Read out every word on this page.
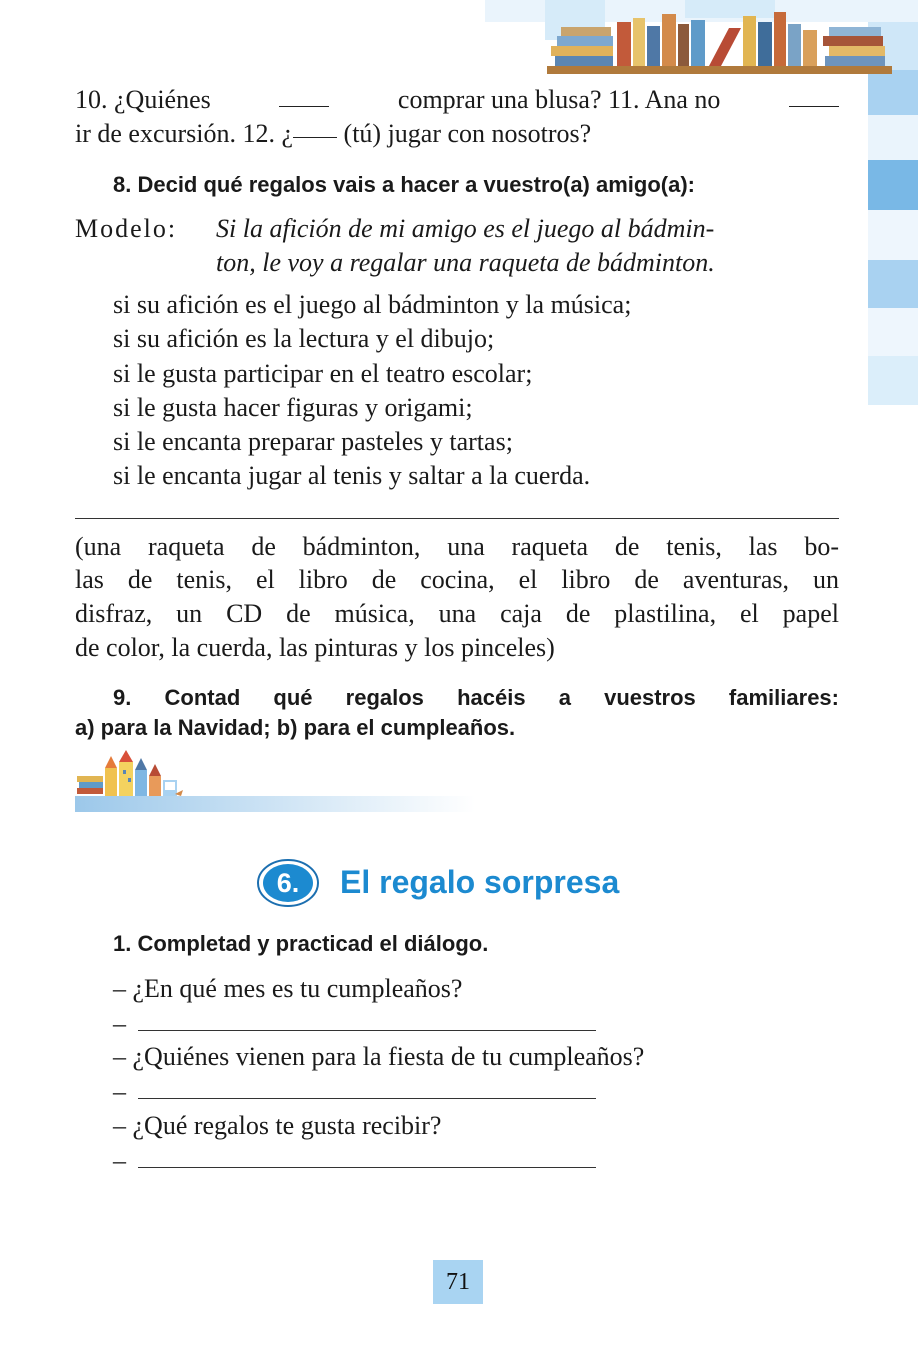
10. ¿Quiénes	comprar una blusa? 11. Ana no
ir de excursión. 12. ¿ (tú) jugar con nosotros?
8. Decid qué regalos vais a hacer a vuestro(a) amigo(a):
Modelo: Si la afición de mi amigo es el juego al bádmin-
ton, le voy a regalar una raqueta de bádminton.
si su afición es el juego al bádminton y la música;
si su afición es la lectura y el dibujo;
si le gusta participar en el teatro escolar;
si le gusta hacer figuras y origami;
si le encanta preparar pasteles y tartas;
si le encanta jugar al tenis y saltar a la cuerda.
(una raqueta de bádminton, una raqueta de tenis, las bo-
las de tenis, el libro de cocina, el libro de aventuras, un
disfraz, un CD de música, una caja de plastilina, el papel
de color, la cuerda, las pinturas y los pinceles)
9. Contad qué regalos hacéis a vuestros familiares:
a) para la Navidad; b) para el cumpleaños.
6.	El regalo sorpresa
1. Completad y practicad el diálogo.
– ¿En qué mes es tu cumpleaños?
–
– ¿Quiénes vienen para la fiesta de tu cumpleaños?
–
– ¿Qué regalos te gusta recibir?
–
71
